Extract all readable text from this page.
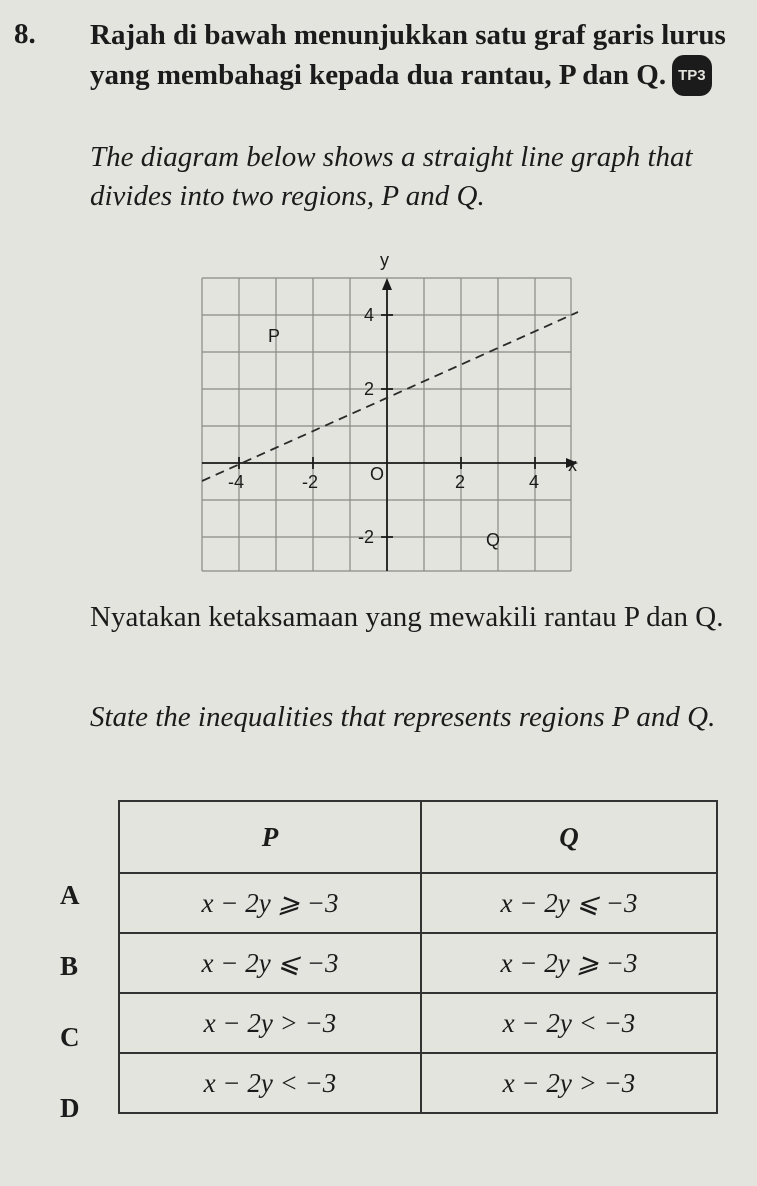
8. Rajah di bawah menunjukkan satu graf garis lurus yang membahagi kepada dua rantau, P dan Q. TP3

The diagram below shows a straight line graph that divides into two regions, P and Q.

y
x
-4	-2	O	2	4
4
2
-2
P
Q

Nyatakan ketaksamaan yang mewakili rantau P dan Q.

State the inequalities that represents regions P and Q.

A
B
C
D
P	Q
x − 2y ⩾ −3	x − 2y ⩽ −3
x − 2y ⩽ −3	x − 2y ⩾ −3
x − 2y > −3	x − 2y < −3
x − 2y < −3	x − 2y > −3
